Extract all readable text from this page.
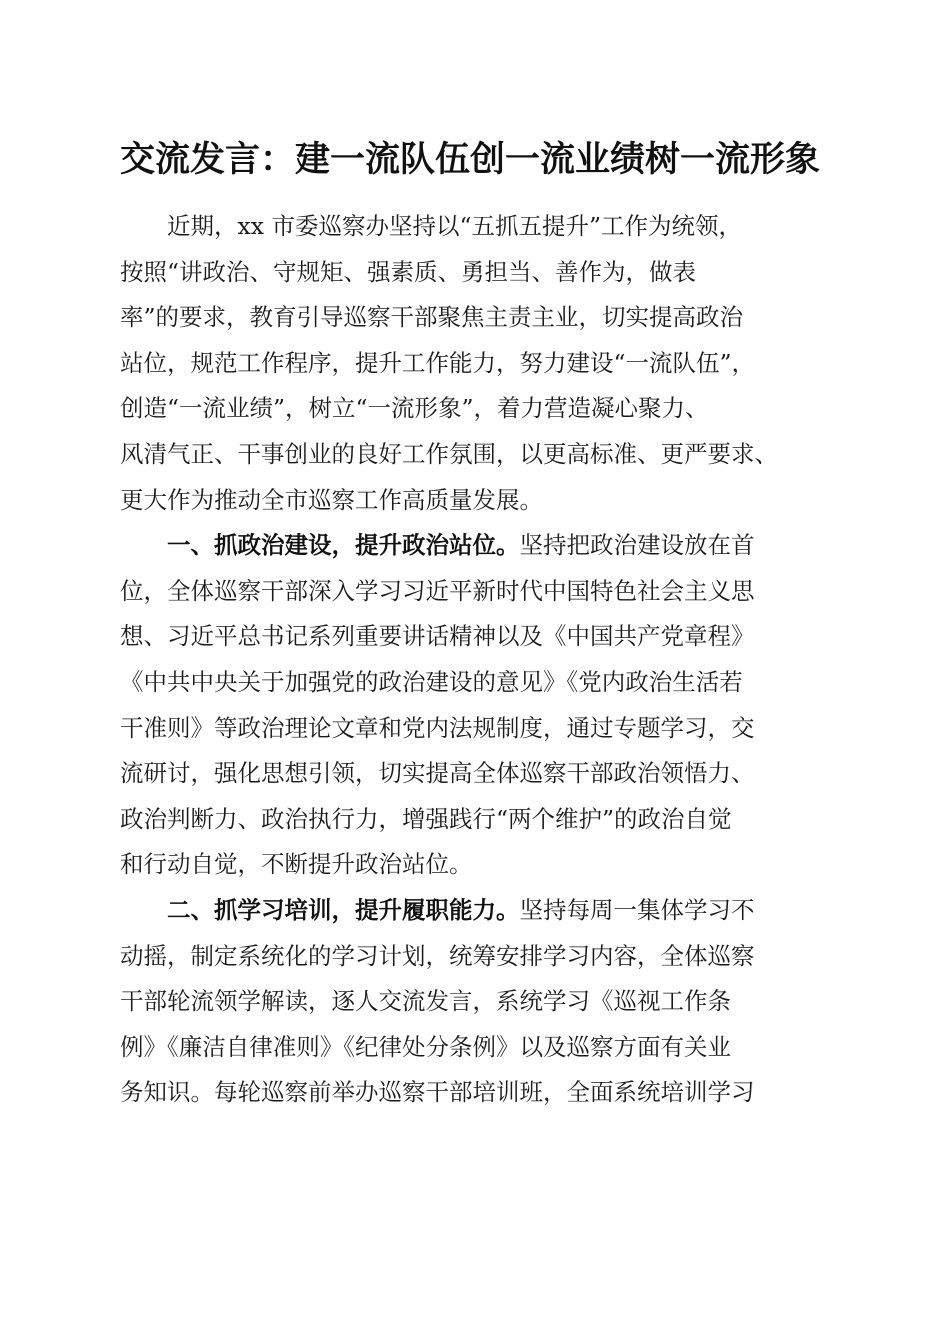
交流发言：建一流队伍创一流业绩树一流形象
近期，xx 市委巡察办坚持以“五抓五提升”工作为统领，
按照“讲政治、守规矩、强素质、勇担当、善作为，做表
率”的要求，教育引导巡察干部聚焦主责主业，切实提高政治
站位，规范工作程序，提升工作能力，努力建设“一流队伍”，
创造“一流业绩”，树立“一流形象”，着力营造凝心聚力、
风清气正、干事创业的良好工作氛围，以更高标准、更严要求、
更大作为推动全市巡察工作高质量发展。
一、抓政治建设，提升政治站位。坚持把政治建设放在首
位，全体巡察干部深入学习习近平新时代中国特色社会主义思
想、习近平总书记系列重要讲话精神以及《中国共产党章程》
《中共中央关于加强党的政治建设的意见》《党内政治生活若
干准则》等政治理论文章和党内法规制度，通过专题学习，交
流研讨，强化思想引领，切实提高全体巡察干部政治领悟力、
政治判断力、政治执行力，增强践行“两个维护”的政治自觉
和行动自觉，不断提升政治站位。
二、抓学习培训，提升履职能力。坚持每周一集体学习不
动摇，制定系统化的学习计划，统筹安排学习内容，全体巡察
干部轮流领学解读，逐人交流发言，系统学习《巡视工作条
例》《廉洁自律准则》《纪律处分条例》以及巡察方面有关业
务知识。每轮巡察前举办巡察干部培训班，全面系统培训学习
